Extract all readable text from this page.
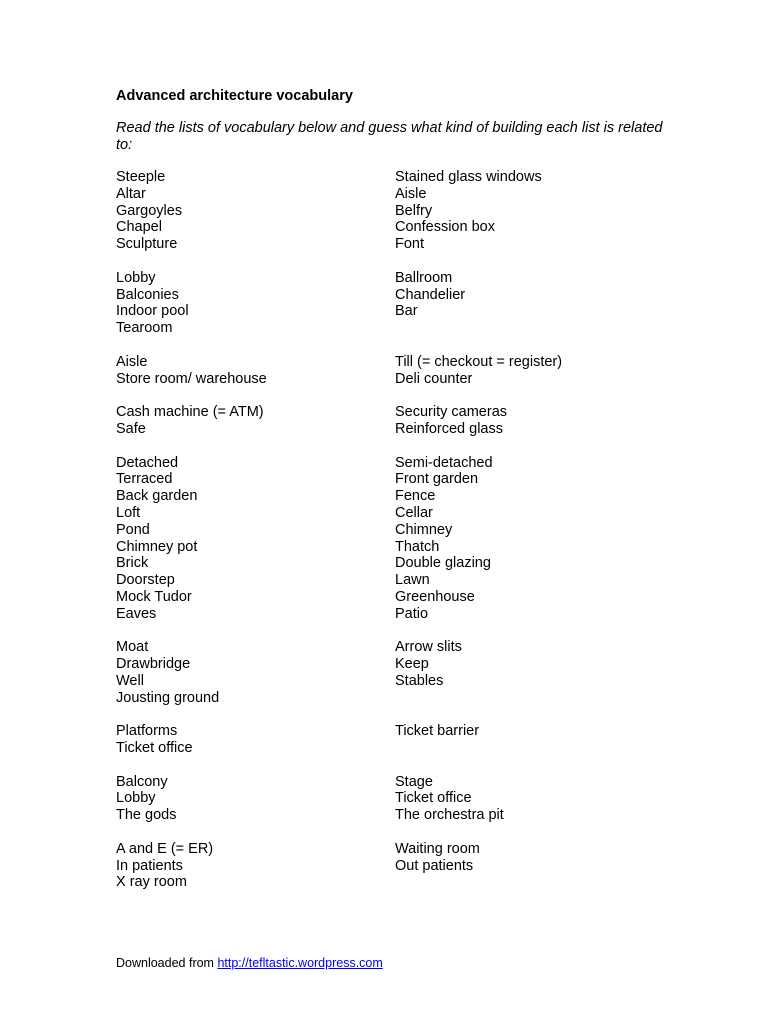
Advanced architecture vocabulary

Read the lists of vocabulary below and guess what kind of building each list is related to:

Steeple
Altar
Gargoyles
Chapel
Sculpture
Stained glass windows
Aisle
Belfry
Confession box
Font
Lobby
Balconies
Indoor pool
Tearoom
Ballroom
Chandelier
Bar
Aisle
Store room/ warehouse
Till (= checkout = register)
Deli counter
Cash machine (= ATM)
Safe
Security cameras
Reinforced glass
Detached
Terraced
Back garden
Loft
Pond
Chimney pot
Brick
Doorstep
Mock Tudor
Eaves
Semi-detached
Front garden
Fence
Cellar
Chimney
Thatch
Double glazing
Lawn
Greenhouse
Patio
Moat
Drawbridge
Well
Jousting ground
Arrow slits
Keep
Stables
Platforms
Ticket office
Ticket barrier
Balcony
Lobby
The gods
Stage
Ticket office
The orchestra pit
A and E (= ER)
In patients
X ray room
Waiting room
Out patients
Downloaded from http://tefltastic.wordpress.com
